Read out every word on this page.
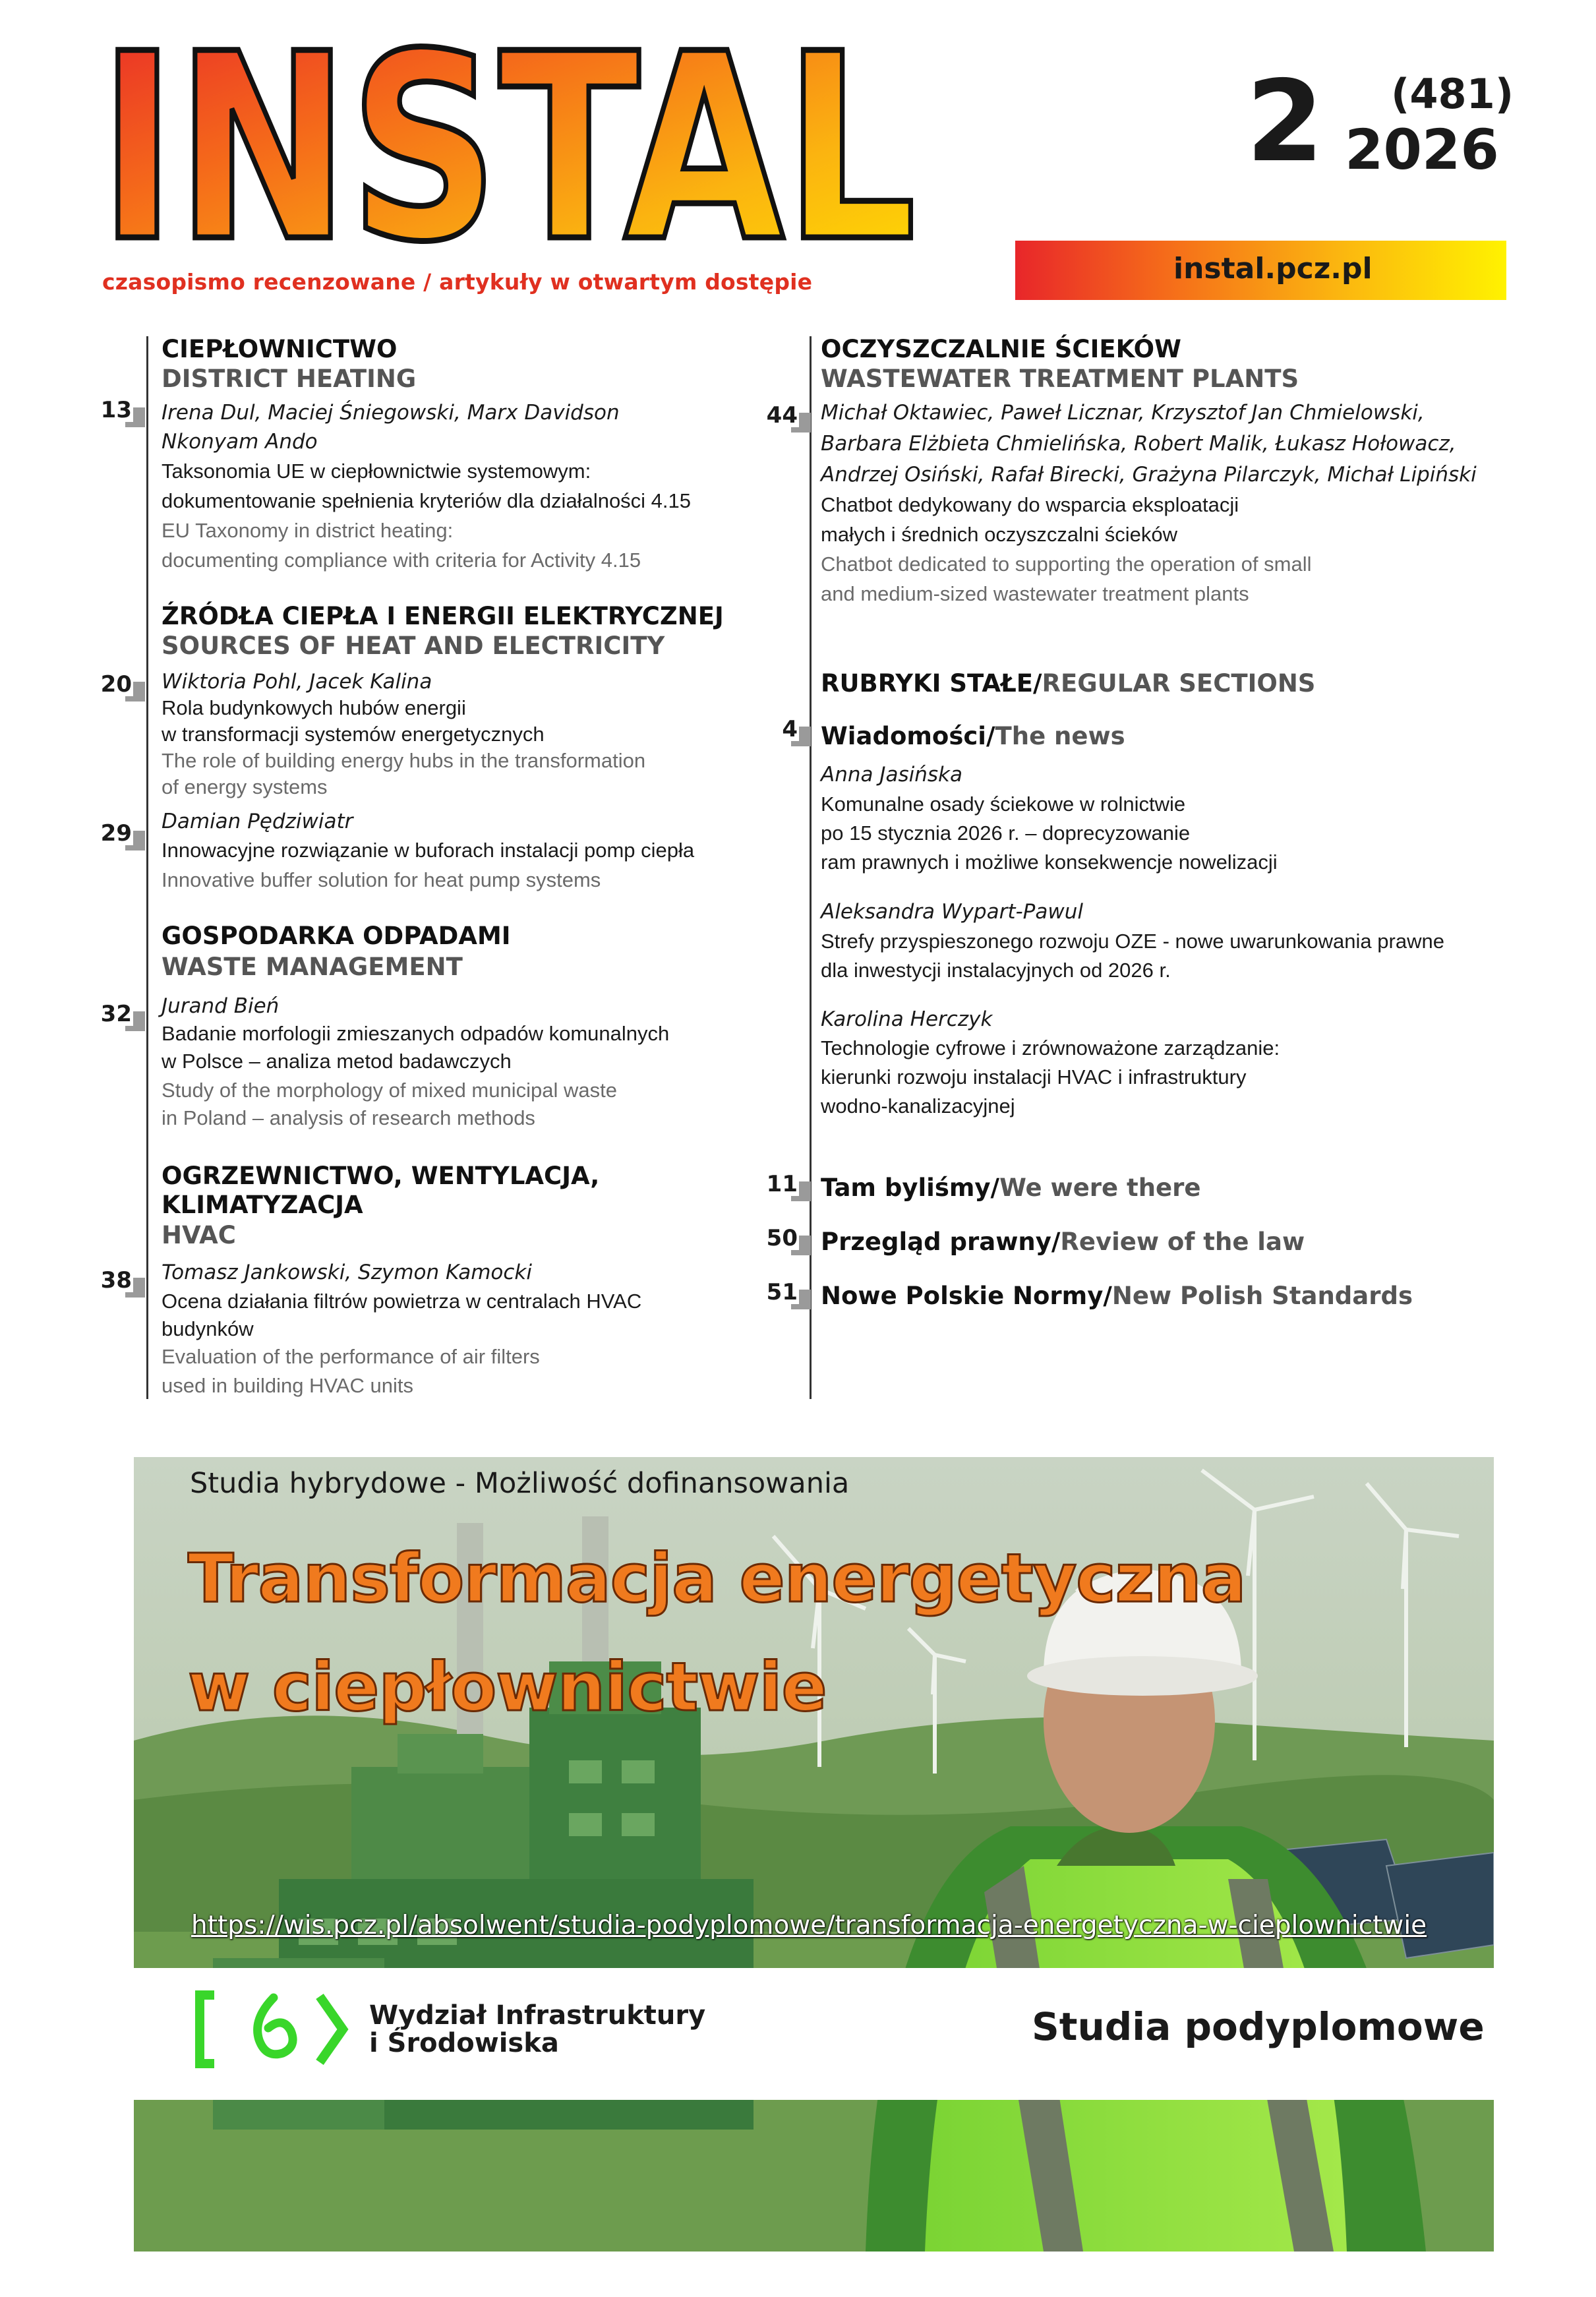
INSTAL
czasopismo recenzowane / artykuły w otwartym dostępie
2 (481)
2026
instal.pcz.pl
CIEPŁOWNICTWO
DISTRICT HEATING
13 Irena Dul, Maciej Śniegowski, Marx Davidson
Nkonyam Ando
Taksonomia UE w ciepłownictwie systemowym:
dokumentowanie spełnienia kryteriów dla działalności 4.15
EU Taxonomy in district heating:
documenting compliance with criteria for Activity 4.15
ŹRÓDŁA CIEPŁA I ENERGII ELEKTRYCZNEJ
SOURCES OF HEAT AND ELECTRICITY
20 Wiktoria Pohl, Jacek Kalina
Rola budynkowych hubów energii
w transformacji systemów energetycznych
The role of building energy hubs in the transformation
of energy systems
29 Damian Pędziwiatr
Innowacyjne rozwiązanie w buforach instalacji pomp ciepła
Innovative buffer solution for heat pump systems
GOSPODARKA ODPADAMI
WASTE MANAGEMENT
32 Jurand Bień
Badanie morfologii zmieszanych odpadów komunalnych
w Polsce – analiza metod badawczych
Study of the morphology of mixed municipal waste
in Poland – analysis of research methods
OGRZEWNICTWO, WENTYLACJA,
KLIMATYZACJA
HVAC
38 Tomasz Jankowski, Szymon Kamocki
Ocena działania filtrów powietrza w centralach HVAC
budynków
Evaluation of the performance of air filters
used in building HVAC units
OCZYSZCZALNIE ŚCIEKÓW
WASTEWATER TREATMENT PLANTS
44 Michał Oktawiec, Paweł Licznar, Krzysztof Jan Chmielowski,
Barbara Elżbieta Chmielińska, Robert Malik, Łukasz Hołowacz,
Andrzej Osiński, Rafał Birecki, Grażyna Pilarczyk, Michał Lipiński
Chatbot dedykowany do wsparcia eksploatacji
małych i średnich oczyszczalni ścieków
Chatbot dedicated to supporting the operation of small
and medium-sized wastewater treatment plants
RUBRYKI STAŁE/REGULAR SECTIONS
4 Wiadomości/The news
Anna Jasińska
Komunalne osady ściekowe w rolnictwie
po 15 stycznia 2026 r. – doprecyzowanie
ram prawnych i możliwe konsekwencje nowelizacji
Aleksandra Wypart-Pawul
Strefy przyspieszonego rozwoju OZE - nowe uwarunkowania prawne
dla inwestycji instalacyjnych od 2026 r.
Karolina Herczyk
Technologie cyfrowe i zrównoważone zarządzanie:
kierunki rozwoju instalacji HVAC i infrastruktury
wodno-kanalizacyjnej
11 Tam byliśmy/We were there
50 Przegląd prawny/Review of the law
51 Nowe Polskie Normy/New Polish Standards
Studia hybrydowe - Możliwość dofinansowania
Transformacja energetyczna
w ciepłownictwie
https://wis.pcz.pl/absolwent/studia-podyplomowe/transformacja-energetyczna-w-cieplownictwie
Wydział Infrastruktury
i Środowiska	Studia podyplomowe
